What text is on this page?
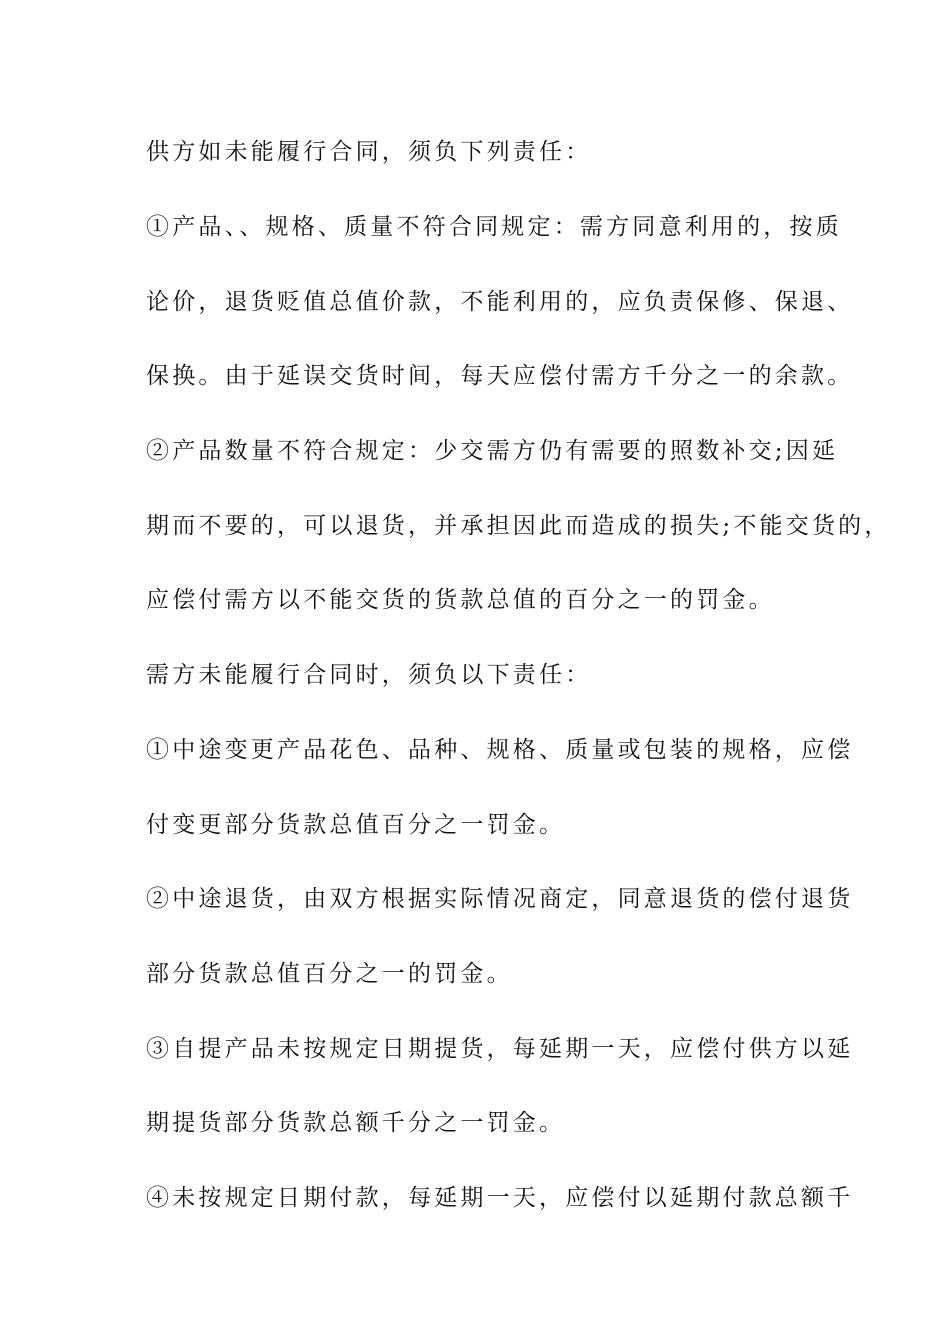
供方如未能履行合同，须负下列责任：
①产品、、规格、质量不符合同规定：需方同意利用的，按质
论价，退货贬值总值价款，不能利用的，应负责保修、保退、
保换。由于延误交货时间，每天应偿付需方千分之一的余款。
②产品数量不符合规定：少交需方仍有需要的照数补交;因延
期而不要的，可以退货，并承担因此而造成的损失;不能交货的，
应偿付需方以不能交货的货款总值的百分之一的罚金。
需方未能履行合同时，须负以下责任：
①中途变更产品花色、品种、规格、质量或包装的规格，应偿
付变更部分货款总值百分之一罚金。
②中途退货，由双方根据实际情况商定，同意退货的偿付退货
部分货款总值百分之一的罚金。
③自提产品未按规定日期提货，每延期一天，应偿付供方以延
期提货部分货款总额千分之一罚金。
④未按规定日期付款，每延期一天，应偿付以延期付款总额千
